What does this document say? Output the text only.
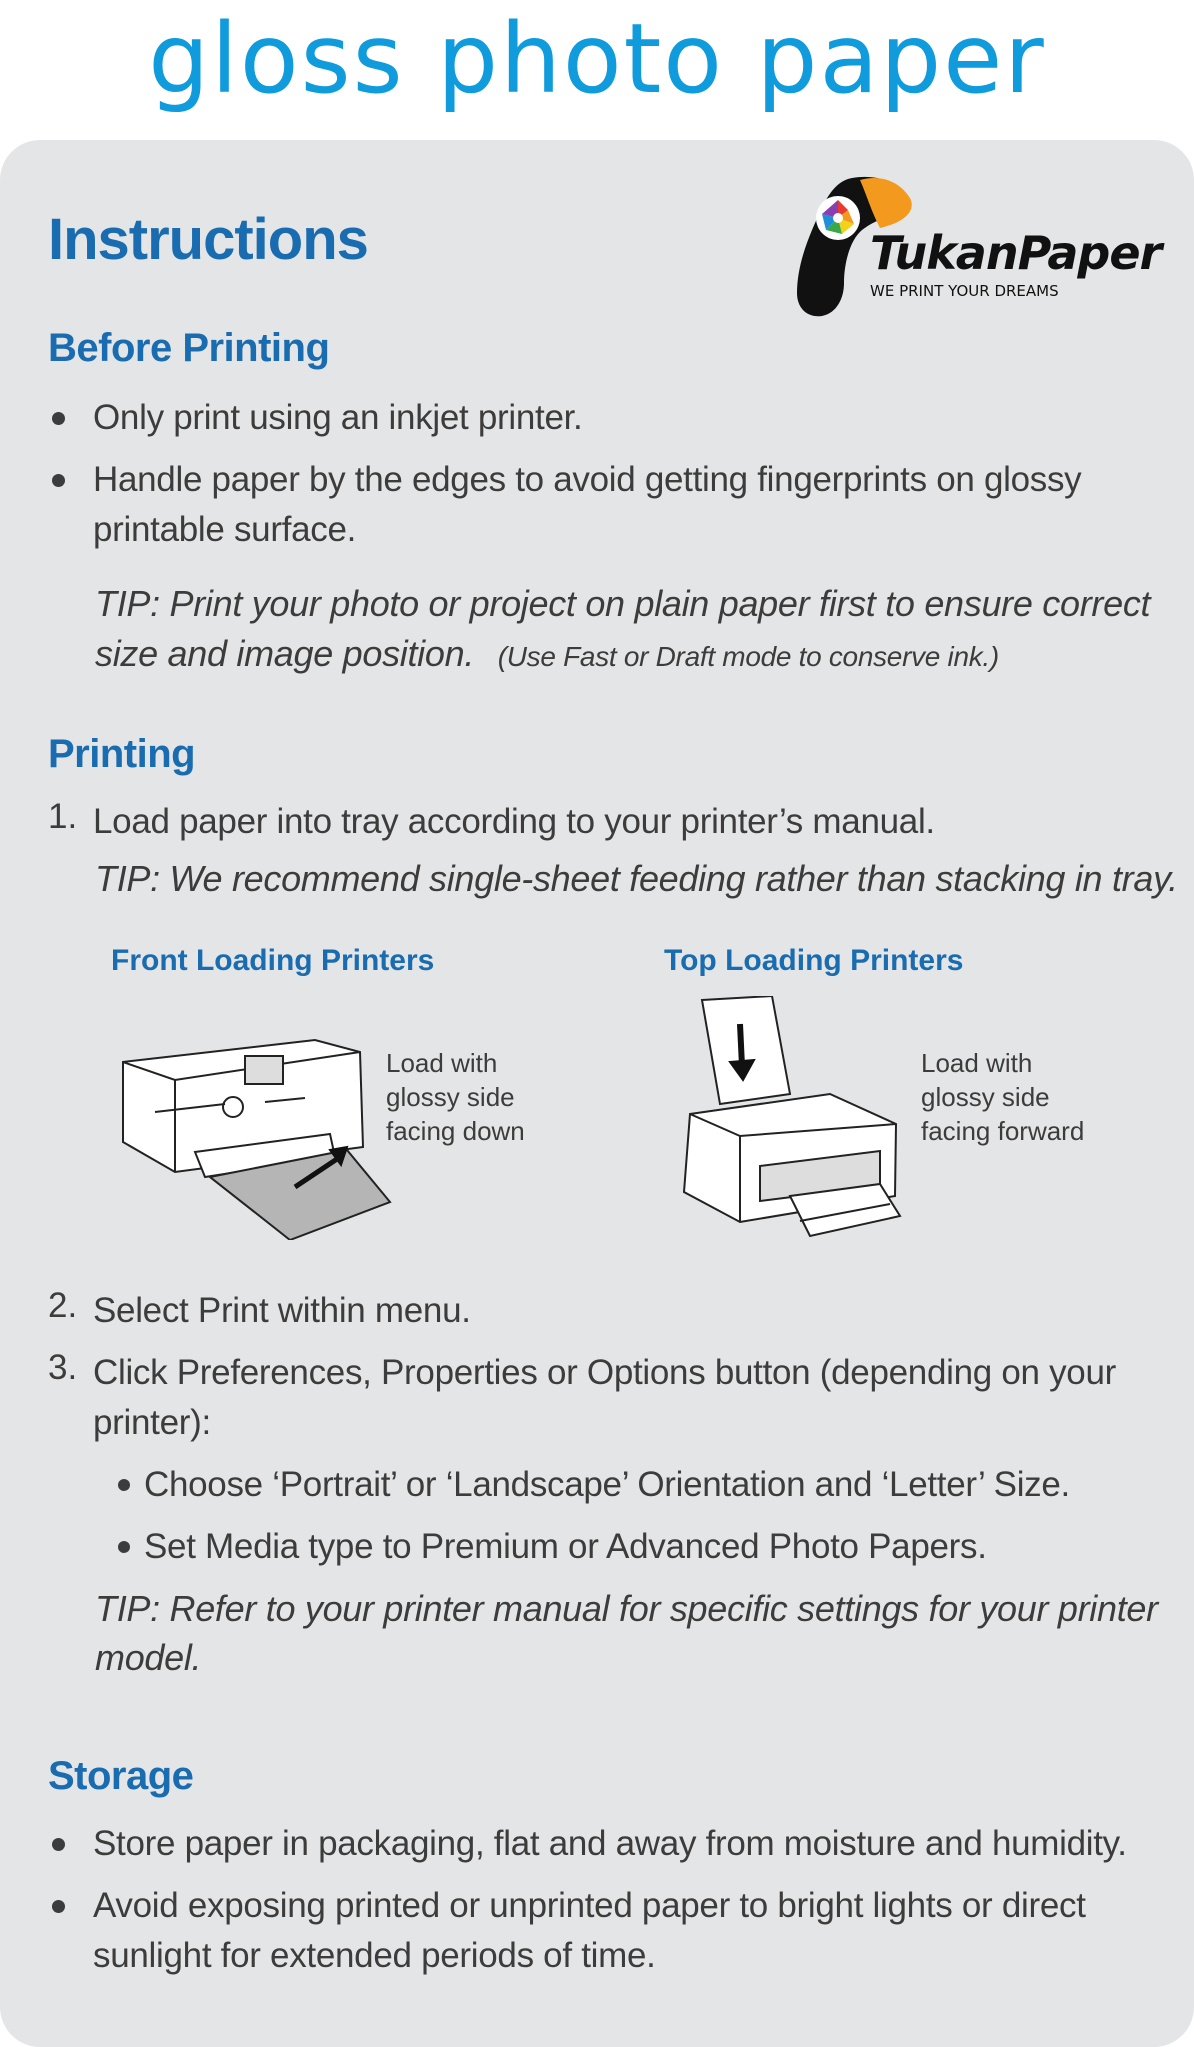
gloss photo paper
TukanPaper
WE PRINT YOUR DREAMS
Instructions
Before Printing
Only print using an inkjet printer.
Handle paper by the edges to avoid getting fingerprints on glossy
printable surface.
TIP: Print your photo or project on plain paper first to ensure correct
size and image position. (Use Fast or Draft mode to conserve ink.)
Printing
1. Load paper into tray according to your printer’s manual.
TIP: We recommend single-sheet feeding rather than stacking in tray.
Front Loading Printers
Load with
glossy side
facing down
Top Loading Printers
Load with
glossy side
facing forward
2. Select Print within menu.
3. Click Preferences, Properties or Options button (depending on your
printer):
Choose ‘Portrait’ or ‘Landscape’ Orientation and ‘Letter’ Size.
Set Media type to Premium or Advanced Photo Papers.
TIP: Refer to your printer manual for specific settings for your printer
model.
Storage
Store paper in packaging, flat and away from moisture and humidity.
Avoid exposing printed or unprinted paper to bright lights or direct
sunlight for extended periods of time.
